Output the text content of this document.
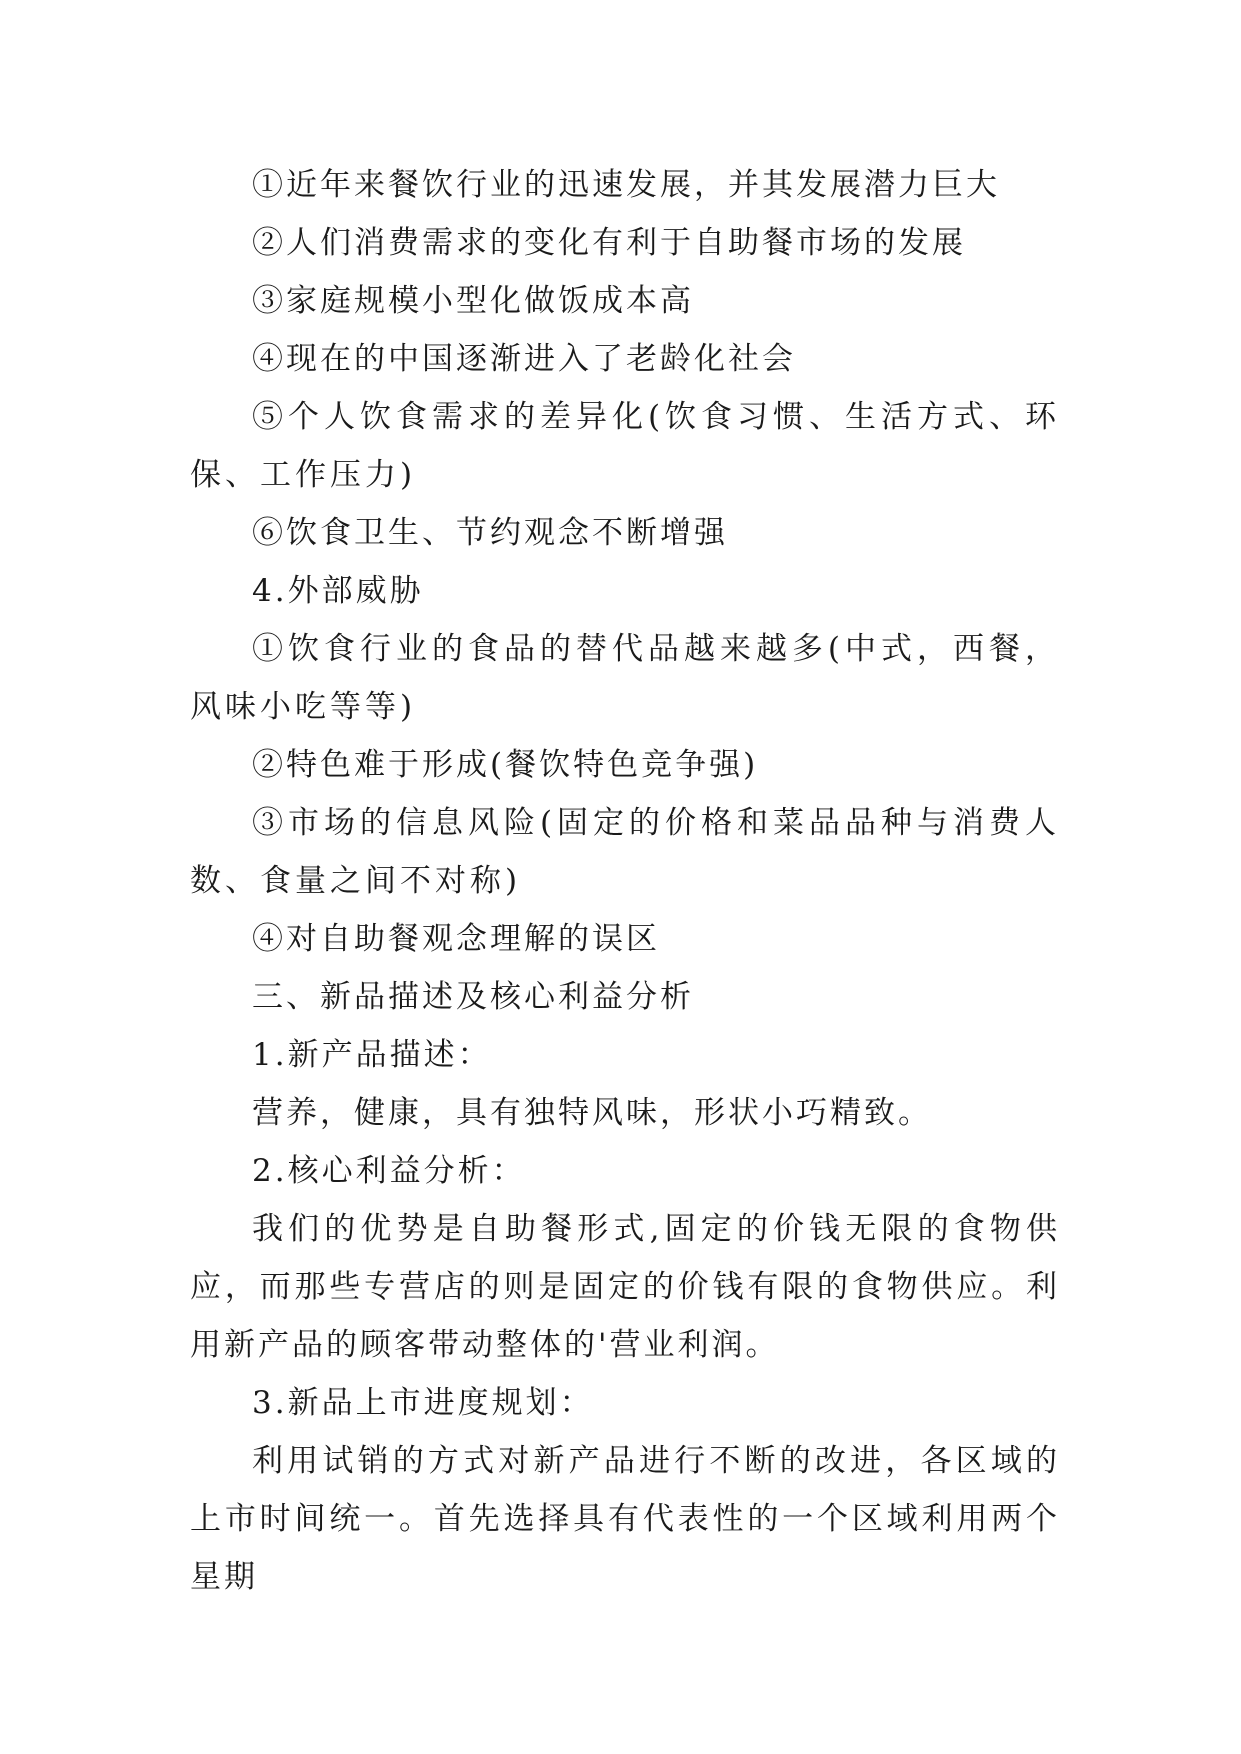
①近年来餐饮行业的迅速发展，并其发展潜力巨大

②人们消费需求的变化有利于自助餐市场的发展

③家庭规模小型化做饭成本高

④现在的中国逐渐进入了老龄化社会

⑤个人饮食需求的差异化(饮食习惯、生活方式、环保、工作压力)

⑥饮食卫生、节约观念不断增强

4.外部威胁

①饮食行业的食品的替代品越来越多(中式，西餐，风味小吃等等)

②特色难于形成(餐饮特色竞争强)

③市场的信息风险(固定的价格和菜品品种与消费人数、食量之间不对称)

④对自助餐观念理解的误区

三、新品描述及核心利益分析

1.新产品描述：

营养，健康，具有独特风味，形状小巧精致。

2.核心利益分析：

我们的优势是自助餐形式,固定的价钱无限的食物供应，而那些专营店的则是固定的价钱有限的食物供应。利用新产品的顾客带动整体的'营业利润。

3.新品上市进度规划：

利用试销的方式对新产品进行不断的改进，各区域的上市时间统一。首先选择具有代表性的一个区域利用两个星期
